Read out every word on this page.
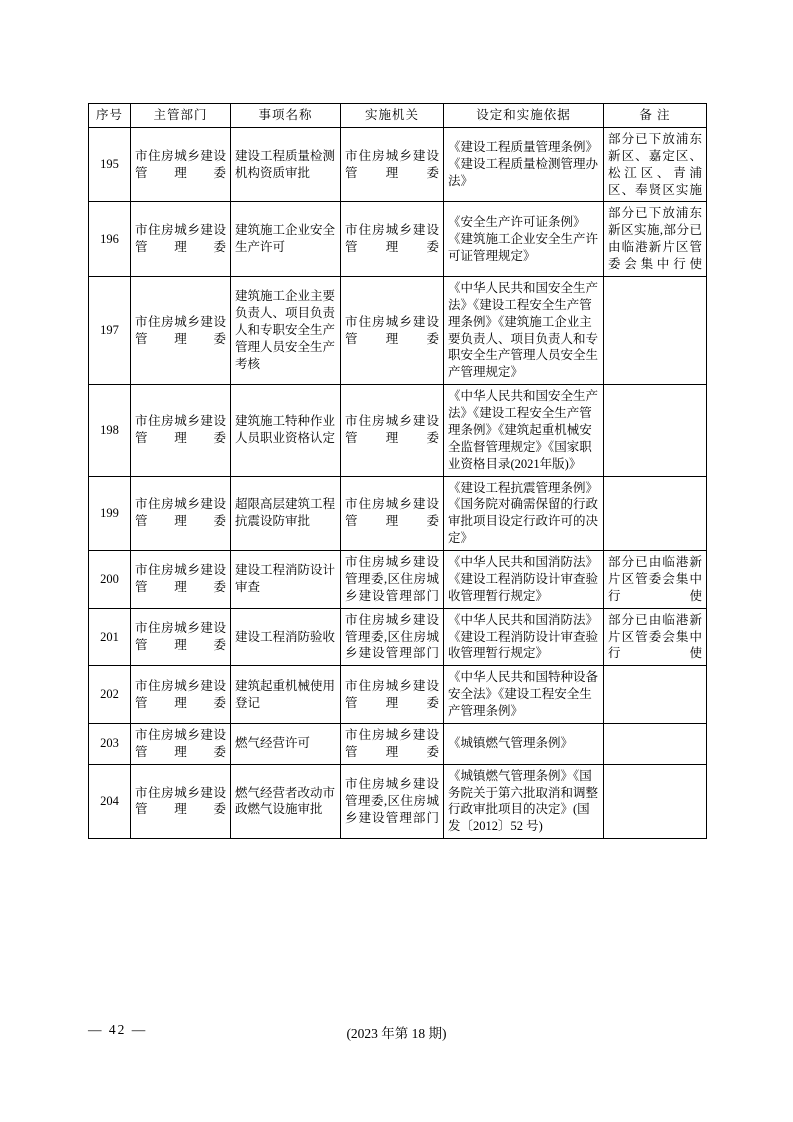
序号	主管部门	事项名称	实施机关	设定和实施依据	备 注
195	市住房城乡建设管理委	建设工程质量检测机构资质审批	市住房城乡建设管理委	《建设工程质量管理条例》《建设工程质量检测管理办法》	部分已下放浦东新区、嘉定区、松江区、青浦区、奉贤区实施
196	市住房城乡建设管理委	建筑施工企业安全生产许可	市住房城乡建设管理委	《安全生产许可证条例》《建筑施工企业安全生产许可证管理规定》	部分已下放浦东新区实施,部分已由临港新片区管委会集中行使
197	市住房城乡建设管理委	建筑施工企业主要负责人、项目负责人和专职安全生产管理人员安全生产考核	市住房城乡建设管理委	《中华人民共和国安全生产法》《建设工程安全生产管理条例》《建筑施工企业主要负责人、项目负责人和专职安全生产管理人员安全生产管理规定》	
198	市住房城乡建设管理委	建筑施工特种作业人员职业资格认定	市住房城乡建设管理委	《中华人民共和国安全生产法》《建设工程安全生产管理条例》《建筑起重机械安全监督管理规定》《国家职业资格目录(2021年版)》	
199	市住房城乡建设管理委	超限高层建筑工程抗震设防审批	市住房城乡建设管理委	《建设工程抗震管理条例》《国务院对确需保留的行政审批项目设定行政许可的决定》	
200	市住房城乡建设管理委	建设工程消防设计审查	市住房城乡建设管理委,区住房城乡建设管理部门	《中华人民共和国消防法》《建设工程消防设计审查验收管理暂行规定》	部分已由临港新片区管委会集中行使
201	市住房城乡建设管理委	建设工程消防验收	市住房城乡建设管理委,区住房城乡建设管理部门	《中华人民共和国消防法》《建设工程消防设计审查验收管理暂行规定》	部分已由临港新片区管委会集中行使
202	市住房城乡建设管理委	建筑起重机械使用登记	市住房城乡建设管理委	《中华人民共和国特种设备安全法》《建设工程安全生产管理条例》	
203	市住房城乡建设管理委	燃气经营许可	市住房城乡建设管理委	《城镇燃气管理条例》	
204	市住房城乡建设管理委	燃气经营者改动市政燃气设施审批	市住房城乡建设管理委,区住房城乡建设管理部门	《城镇燃气管理条例》《国务院关于第六批取消和调整行政审批项目的决定》(国发〔2012〕52 号)	
— 42 —	(2023 年第 18 期)
